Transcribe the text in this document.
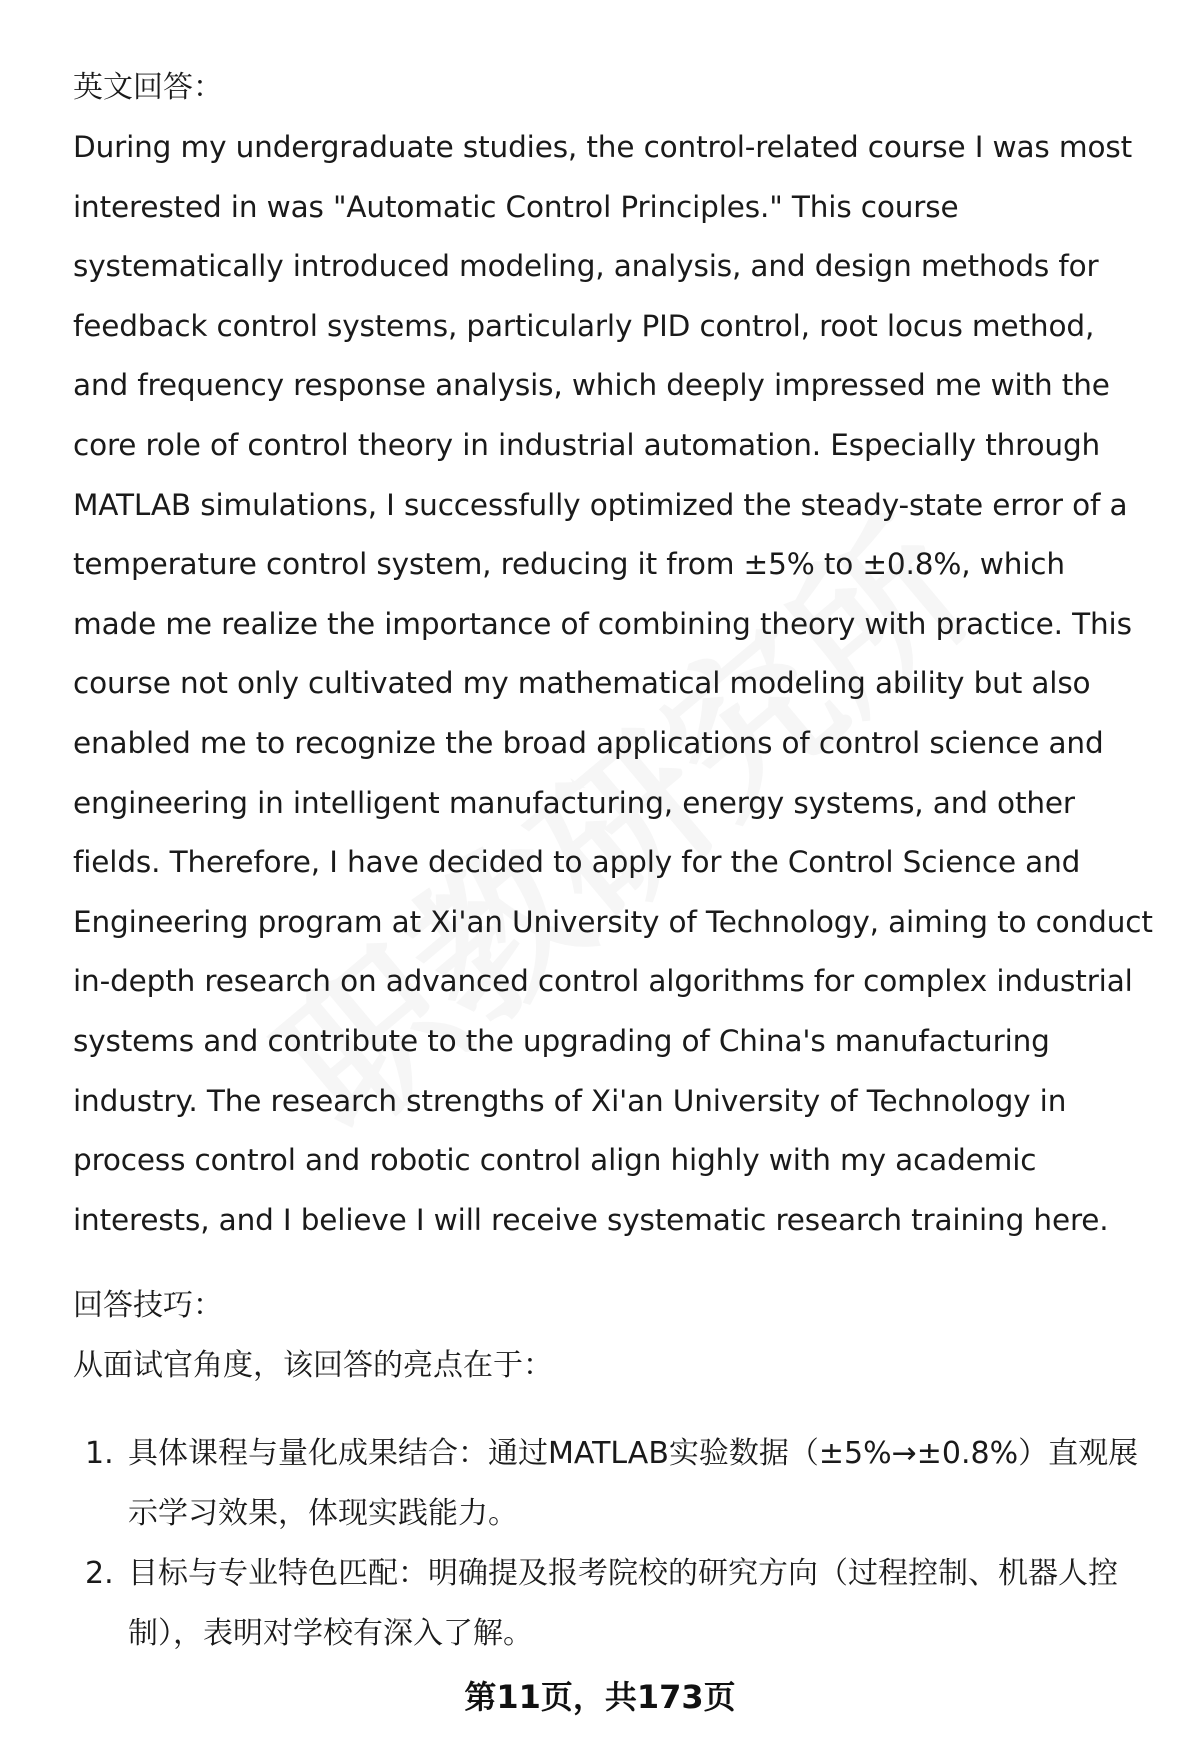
英文回答：

During my undergraduate studies, the control-related course I was most interested in was "Automatic Control Principles." This course systematically introduced modeling, analysis, and design methods for feedback control systems, particularly PID control, root locus method, and frequency response analysis, which deeply impressed me with the core role of control theory in industrial automation. Especially through MATLAB simulations, I successfully optimized the steady-state error of a temperature control system, reducing it from ±5% to ±0.8%, which made me realize the importance of combining theory with practice. This course not only cultivated my mathematical modeling ability but also enabled me to recognize the broad applications of control science and engineering in intelligent manufacturing, energy systems, and other fields. Therefore, I have decided to apply for the Control Science and Engineering program at Xi'an University of Technology, aiming to conduct in-depth research on advanced control algorithms for complex industrial systems and contribute to the upgrading of China's manufacturing industry. The research strengths of Xi'an University of Technology in process control and robotic control align highly with my academic interests, and I believe I will receive systematic research training here.

回答技巧：

从面试官角度，该回答的亮点在于：

1. 具体课程与量化成果结合：通过MATLAB实验数据（±5%→±0.8%）直观展示学习效果，体现实践能力。
2. 目标与专业特色匹配：明确提及报考院校的研究方向（过程控制、机器人控制），表明对学校有深入了解。
第11页，共173页
